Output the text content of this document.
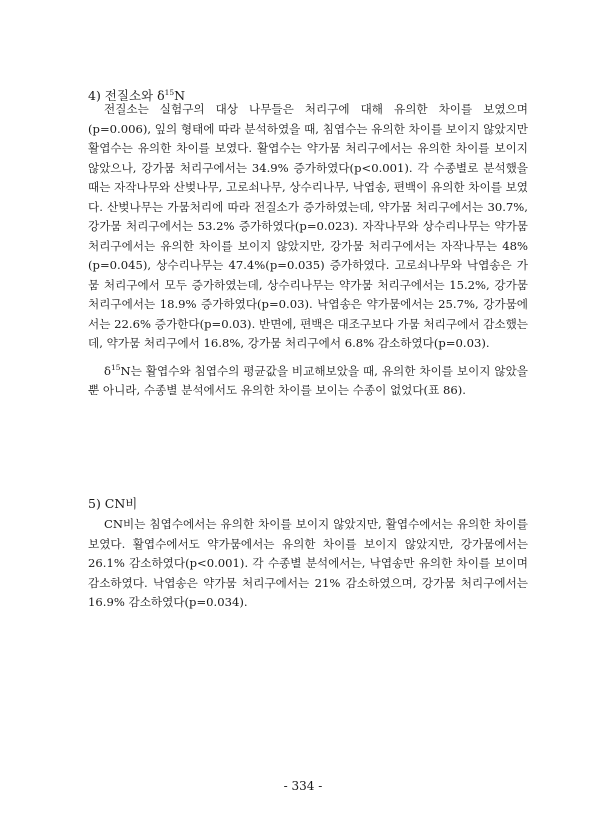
4) 전질소와 $\delta^{15}N$

전질소는 실험구의 대상 나무들은 처리구에 대해 유의한 차이를 보였으며(p=0.006), 잎의 형태에 따라 분석하였을 때, 침엽수는 유의한 차이를 보이지 않았지만 활엽수는 유의한 차이를 보였다. 활엽수는 약가뭄 처리구에서는 유의한 차이를 보이지 않았으나, 강가뭄 처리구에서는 34.9% 증가하였다(p<0.001). 각 수종별로 분석했을 때는 자작나무와 산벚나무, 고로쇠나무, 상수리나무, 낙엽송, 편백이 유의한 차이를 보였다. 산벚나무는 가뭄처리에 따라 전질소가 증가하였는데, 약가뭄 처리구에서는 30.7%, 강가뭄 처리구에서는 53.2% 증가하였다(p=0.023). 자작나무와 상수리나무는 약가뭄 처리구에서는 유의한 차이를 보이지 않았지만, 강가뭄 처리구에서는 자작나무는 48%(p=0.045), 상수리나무는 47.4%(p=0.035) 증가하였다. 고로쇠나무와 낙엽송은 가뭄 처리구에서 모두 증가하였는데, 상수리나무는 약가뭄 처리구에서는 15.2%, 강가뭄 처리구에서는 18.9% 증가하였다(p=0.03). 낙엽송은 약가뭄에서는 25.7%, 강가뭄에서는 22.6% 증가한다(p=0.03). 반면에, 편백은 대조구보다 가뭄 처리구에서 감소했는데, 약가뭄 처리구에서 16.8%, 강가뭄 처리구에서 6.8% 감소하였다(p=0.03).

$\delta^{15}N$는 활엽수와 침엽수의 평균값을 비교해보았을 때, 유의한 차이를 보이지 않았을 뿐 아니라, 수종별 분석에서도 유의한 차이를 보이는 수종이 없었다(표 86).

5) CN비

CN비는 침엽수에서는 유의한 차이를 보이지 않았지만, 활엽수에서는 유의한 차이를 보였다. 활엽수에서도 약가뭄에서는 유의한 차이를 보이지 않았지만, 강가뭄에서는 26.1% 감소하였다(p<0.001). 각 수종별 분석에서는, 낙엽송만 유의한 차이를 보이며 감소하였다. 낙엽송은 약가뭄 처리구에서는 21% 감소하였으며, 강가뭄 처리구에서는 16.9% 감소하였다(p=0.034).

- 334 -
